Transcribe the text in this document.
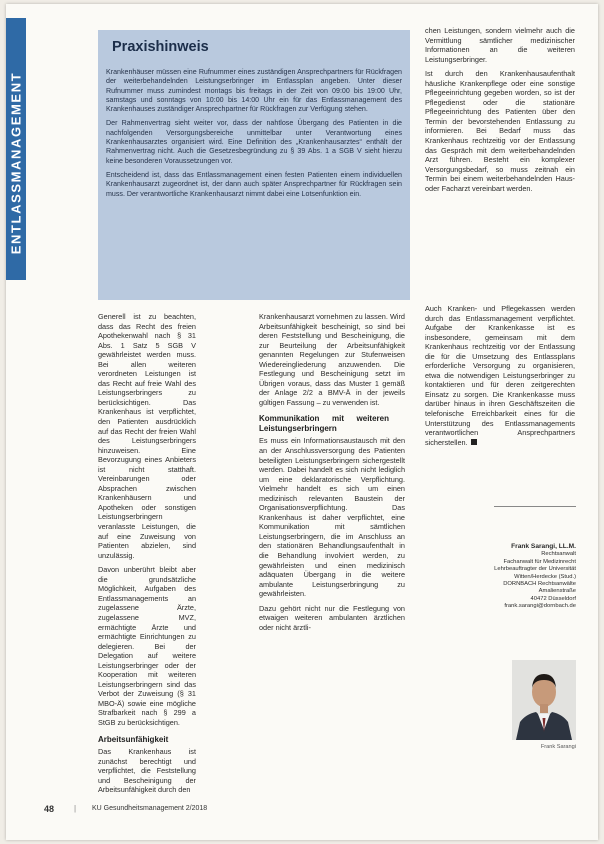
ENTLASSMANAGEMENT
Praxishinweis

Krankenhäuser müssen eine Rufnummer eines zuständigen Ansprechpartners für Rückfragen der weiterbehandelnden Leistungserbringer im Entlassplan angeben. Unter dieser Rufnummer muss zumindest montags bis freitags in der Zeit von 09:00 bis 19:00 Uhr, samstags und sonntags von 10:00 bis 14:00 Uhr ein für das Entlassmanagement des Krankenhauses zuständiger Ansprechpartner für Rückfragen zur Verfügung stehen.

Der Rahmenvertrag sieht weiter vor, dass der nahtlose Übergang des Patienten in die nachfolgenden Versorgungsbereiche unmittelbar unter Verantwortung eines Krankenhausarztes organisiert wird. Eine Definition des „Krankenhausarztes“ enthält der Rahmenvertrag nicht. Auch die Gesetzesbegründung zu § 39 Abs. 1 a SGB V sieht hierzu keine besonderen Voraussetzungen vor.

Entscheidend ist, dass das Entlassmanagement einen festen Patienten einem individuellen Krankenhausarzt zugeordnet ist, der dann auch später Ansprechpartner für Rückfragen sein muss. Der verantwortliche Krankenhausarzt nimmt dabei eine Lotsenfunktion ein.

Generell ist zu beachten, dass das Recht des freien Apothekenwahl nach § 31 Abs. 1 Satz 5 SGB V gewährleistet werden muss. Bei allen weiteren verordneten Leistungen ist das Recht auf freie Wahl des Leistungserbringers zu berücksichtigen. Das Krankenhaus ist verpflichtet, den Patienten ausdrücklich auf das Recht der freien Wahl des Leistungserbringers hinzuweisen. Eine Bevorzugung eines Anbieters ist nicht statthaft. Vereinbarungen oder Absprachen zwischen Krankenhäusern und Apotheken oder sonstigen Leistungserbringern veranlasste Leistungen, die auf eine Zuweisung von Patienten abzielen, sind unzulässig.

Davon unberührt bleibt aber die grundsätzliche Möglichkeit, Aufgaben des Entlassmanagements an zugelassene Ärzte, zugelassene MVZ, ermächtigte Ärzte und ermächtigte Einrichtungen zu delegieren. Bei der Delegation auf weitere Leistungserbringer oder der Kooperation mit weiteren Leistungserbringern sind das Verbot der Zuweisung (§ 31 MBO-Ä) sowie eine mögliche Strafbarkeit nach § 299 a StGB zu berücksichtigen.

Arbeitsunfähigkeit

Das Krankenhaus ist zunächst berechtigt und verpflichtet, die Feststellung und Bescheinigung der Arbeitsunfähigkeit durch den

Krankenhausarzt vornehmen zu lassen. Wird Arbeitsunfähigkeit bescheinigt, so sind bei deren Feststellung und Bescheinigung, die zur Beurteilung der Arbeitsunfähigkeit genannten Regelungen zur Stufenweisen Wiedereingliederung anzuwenden. Die Festlegung und Bescheinigung setzt im Übrigen voraus, dass das Muster 1 gemäß der Anlage 2/2 a BMV-Ä in der jeweils gültigen Fassung – zu verwenden ist.

Kommunikation mit weiteren Leistungserbringern

Es muss ein Informationsaustausch mit den an der Anschlussversorgung des Patienten beteiligten Leistungserbringern sichergestellt werden. Dabei handelt es sich nicht lediglich um eine deklaratorische Verpflichtung. Vielmehr handelt es sich um einen medizinisch relevanten Baustein der Organisationsverpflichtung. Das Krankenhaus ist daher verpflichtet, eine Kommunikation mit sämtlichen Leistungserbringern, die im Anschluss an den stationären Behandlungsaufenthalt in die Behandlung involviert werden, zu gewährleisten und einen medizinisch adäquaten Übergang in die weitere ambulante Leistungserbringung zu gewährleisten.

Dazu gehört nicht nur die Festlegung von etwaigen weiteren ambulanten ärztlichen oder nicht ärztli-

chen Leistungen, sondern vielmehr auch die Vermittlung sämtlicher medizinischer Informationen an die weiteren Leistungserbringer.

Ist durch den Krankenhausaufenthalt häusliche Krankenpflege oder eine sonstige Pflegeeinrichtung gegeben worden, so ist der Pflegedienst oder die stationäre Pflegeeinrichtung des Patienten über den Termin der bevorstehenden Entlassung zu informieren. Bei Bedarf muss das Krankenhaus rechtzeitig vor der Entlassung das Gespräch mit dem weiterbehandelnden Arzt führen. Besteht ein komplexer Versorgungsbedarf, so muss zeitnah ein Termin bei einem weiterbehandelnden Haus- oder Facharzt vereinbart werden.

Auch Kranken- und Pflegekassen werden durch das Entlassmanagement verpflichtet. Aufgabe der Krankenkasse ist es insbesondere, gemeinsam mit dem Krankenhaus rechtzeitig vor der Entlassung die für die Umsetzung des Entlassplans erforderliche Versorgung zu organisieren, etwa die notwendigen Leistungserbringer zu kontaktieren und für deren zeitgerechten Einsatz zu sorgen. Die Krankenkasse muss darüber hinaus in ihren Geschäftszeiten die telefonische Erreichbarkeit eines für die Unterstützung des Entlassmanagements verantwortlichen Ansprechpartners sicherstellen.

Frank Sarangi, LL.M.
Rechtsanwalt
Fachanwalt für Medizinrecht
Lehrbeauftragter der Universität Witten/Herdecke (Stud.)
DORNBACH Rechtsanwälte
Amalienstraße
40472 Düsseldorf
frank.sarangi@dornbach.de
Frank Sarangi
48 | KU Gesundheitsmanagement 2/2018
